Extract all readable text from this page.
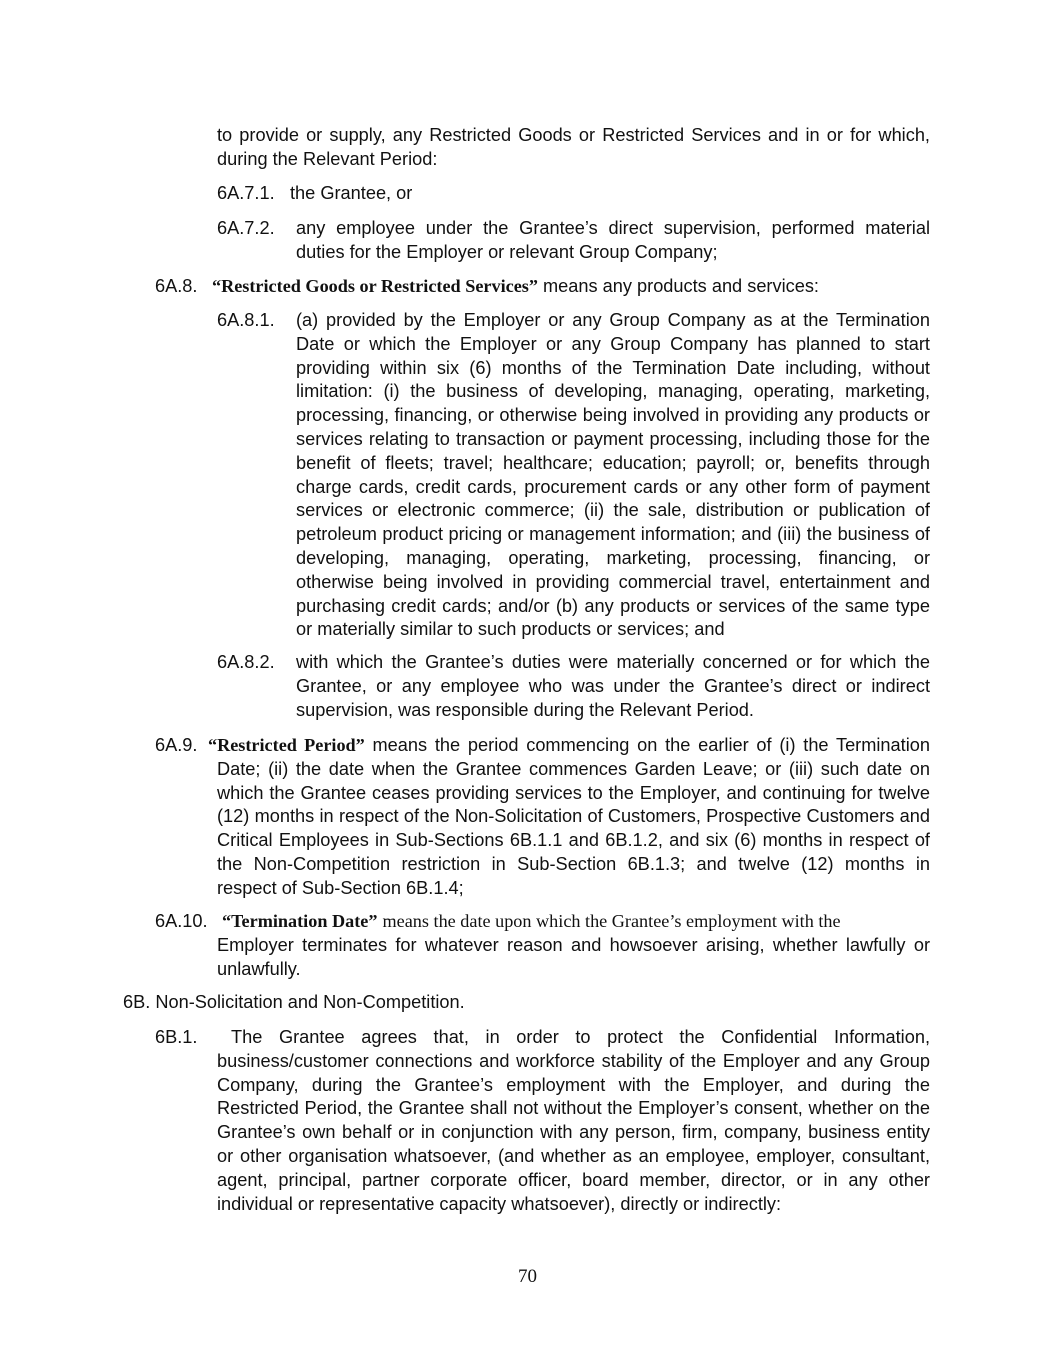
to provide or supply, any Restricted Goods or Restricted Services and in or for which, during the Relevant Period:
6A.7.1. the Grantee, or
6A.7.2. any employee under the Grantee’s direct supervision, performed material duties for the Employer or relevant Group Company;
6A.8. “Restricted Goods or Restricted Services” means any products and services:
6A.8.1. (a) provided by the Employer or any Group Company as at the Termination Date or which the Employer or any Group Company has planned to start providing within six (6) months of the Termination Date including, without limitation: (i) the business of developing, managing, operating, marketing, processing, financing, or otherwise being involved in providing any products or services relating to transaction or payment processing, including those for the benefit of fleets; travel; healthcare; education; payroll; or, benefits through charge cards, credit cards, procurement cards or any other form of payment services or electronic commerce; (ii) the sale, distribution or publication of petroleum product pricing or management information; and (iii) the business of developing, managing, operating, marketing, processing, financing, or otherwise being involved in providing commercial travel, entertainment and purchasing credit cards; and/or (b) any products or services of the same type or materially similar to such products or services; and
6A.8.2. with which the Grantee’s duties were materially concerned or for which the Grantee, or any employee who was under the Grantee’s direct or indirect supervision, was responsible during the Relevant Period.
6A.9. “Restricted Period” means the period commencing on the earlier of (i) the Termination Date; (ii) the date when the Grantee commences Garden Leave; or (iii) such date on which the Grantee ceases providing services to the Employer, and continuing for twelve (12) months in respect of the Non-Solicitation of Customers, Prospective Customers and Critical Employees in Sub-Sections 6B.1.1 and 6B.1.2, and six (6) months in respect of the Non-Competition restriction in Sub-Section 6B.1.3; and twelve (12) months in respect of Sub-Section 6B.1.4;
6A.10. “Termination Date” means the date upon which the Grantee’s employment with the
Employer terminates for whatever reason and howsoever arising, whether lawfully or unlawfully.
6B. Non-Solicitation and Non-Competition.
6B.1.	The Grantee agrees that, in order to protect the Confidential Information, business/customer connections and workforce stability of the Employer and any Group Company, during the Grantee’s employment with the Employer, and during the Restricted Period, the Grantee shall not without the Employer’s consent, whether on the Grantee’s own behalf or in conjunction with any person, firm, company, business entity or other organisation whatsoever, (and whether as an employee, employer, consultant, agent, principal, partner corporate officer, board member, director, or in any other individual or representative capacity whatsoever), directly or indirectly:
70
